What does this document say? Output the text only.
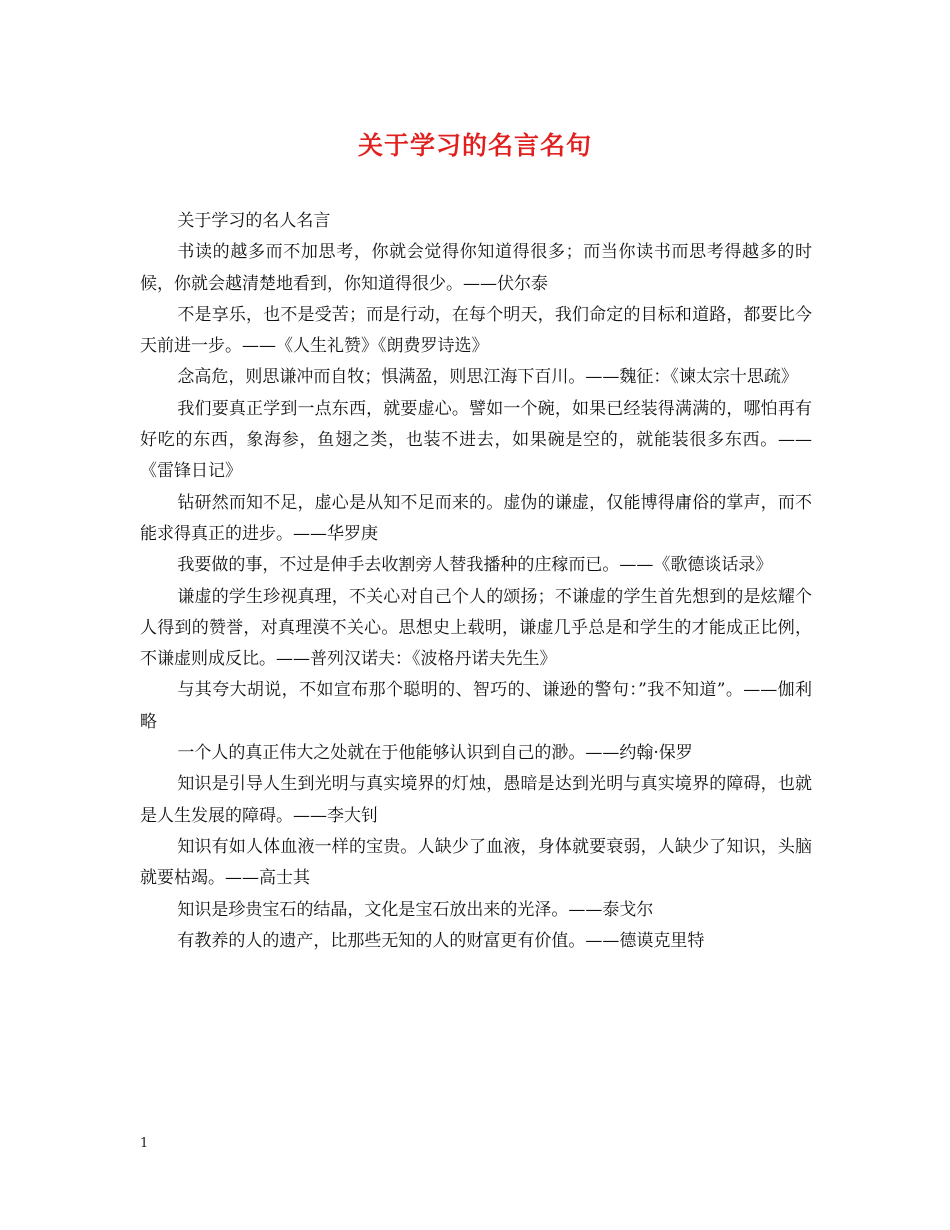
关于学习的名言名句

关于学习的名人名言

书读的越多而不加思考，你就会觉得你知道得很多；而当你读书而思考得越多的时候，你就会越清楚地看到，你知道得很少。——伏尔泰

不是享乐，也不是受苦；而是行动，在每个明天，我们命定的目标和道路，都要比今天前进一步。——《人生礼赞》《朗费罗诗选》

念高危，则思谦冲而自牧；惧满盈，则思江海下百川。——魏征：《谏太宗十思疏》

我们要真正学到一点东西，就要虚心。譬如一个碗，如果已经装得满满的，哪怕再有好吃的东西，象海参，鱼翅之类，也装不进去，如果碗是空的，就能装很多东西。——《雷锋日记》

钻研然而知不足，虚心是从知不足而来的。虚伪的谦虚，仅能博得庸俗的掌声，而不能求得真正的进步。——华罗庚

我要做的事，不过是伸手去收割旁人替我播种的庄稼而已。——《歌德谈话录》

谦虚的学生珍视真理，不关心对自己个人的颂扬；不谦虚的学生首先想到的是炫耀个人得到的赞誉，对真理漠不关心。思想史上载明，谦虚几乎总是和学生的才能成正比例，不谦虚则成反比。——普列汉诺夫：《波格丹诺夫先生》

与其夸大胡说，不如宣布那个聪明的、智巧的、谦逊的警句：”我不知道”。——伽利略

一个人的真正伟大之处就在于他能够认识到自己的渺。——约翰·保罗

知识是引导人生到光明与真实境界的灯烛，愚暗是达到光明与真实境界的障碍，也就是人生发展的障碍。——李大钊

知识有如人体血液一样的宝贵。人缺少了血液，身体就要衰弱，人缺少了知识，头脑就要枯竭。——高士其

知识是珍贵宝石的结晶，文化是宝石放出来的光泽。——泰戈尔

有教养的人的遗产，比那些无知的人的财富更有价值。——德谟克里特

1
